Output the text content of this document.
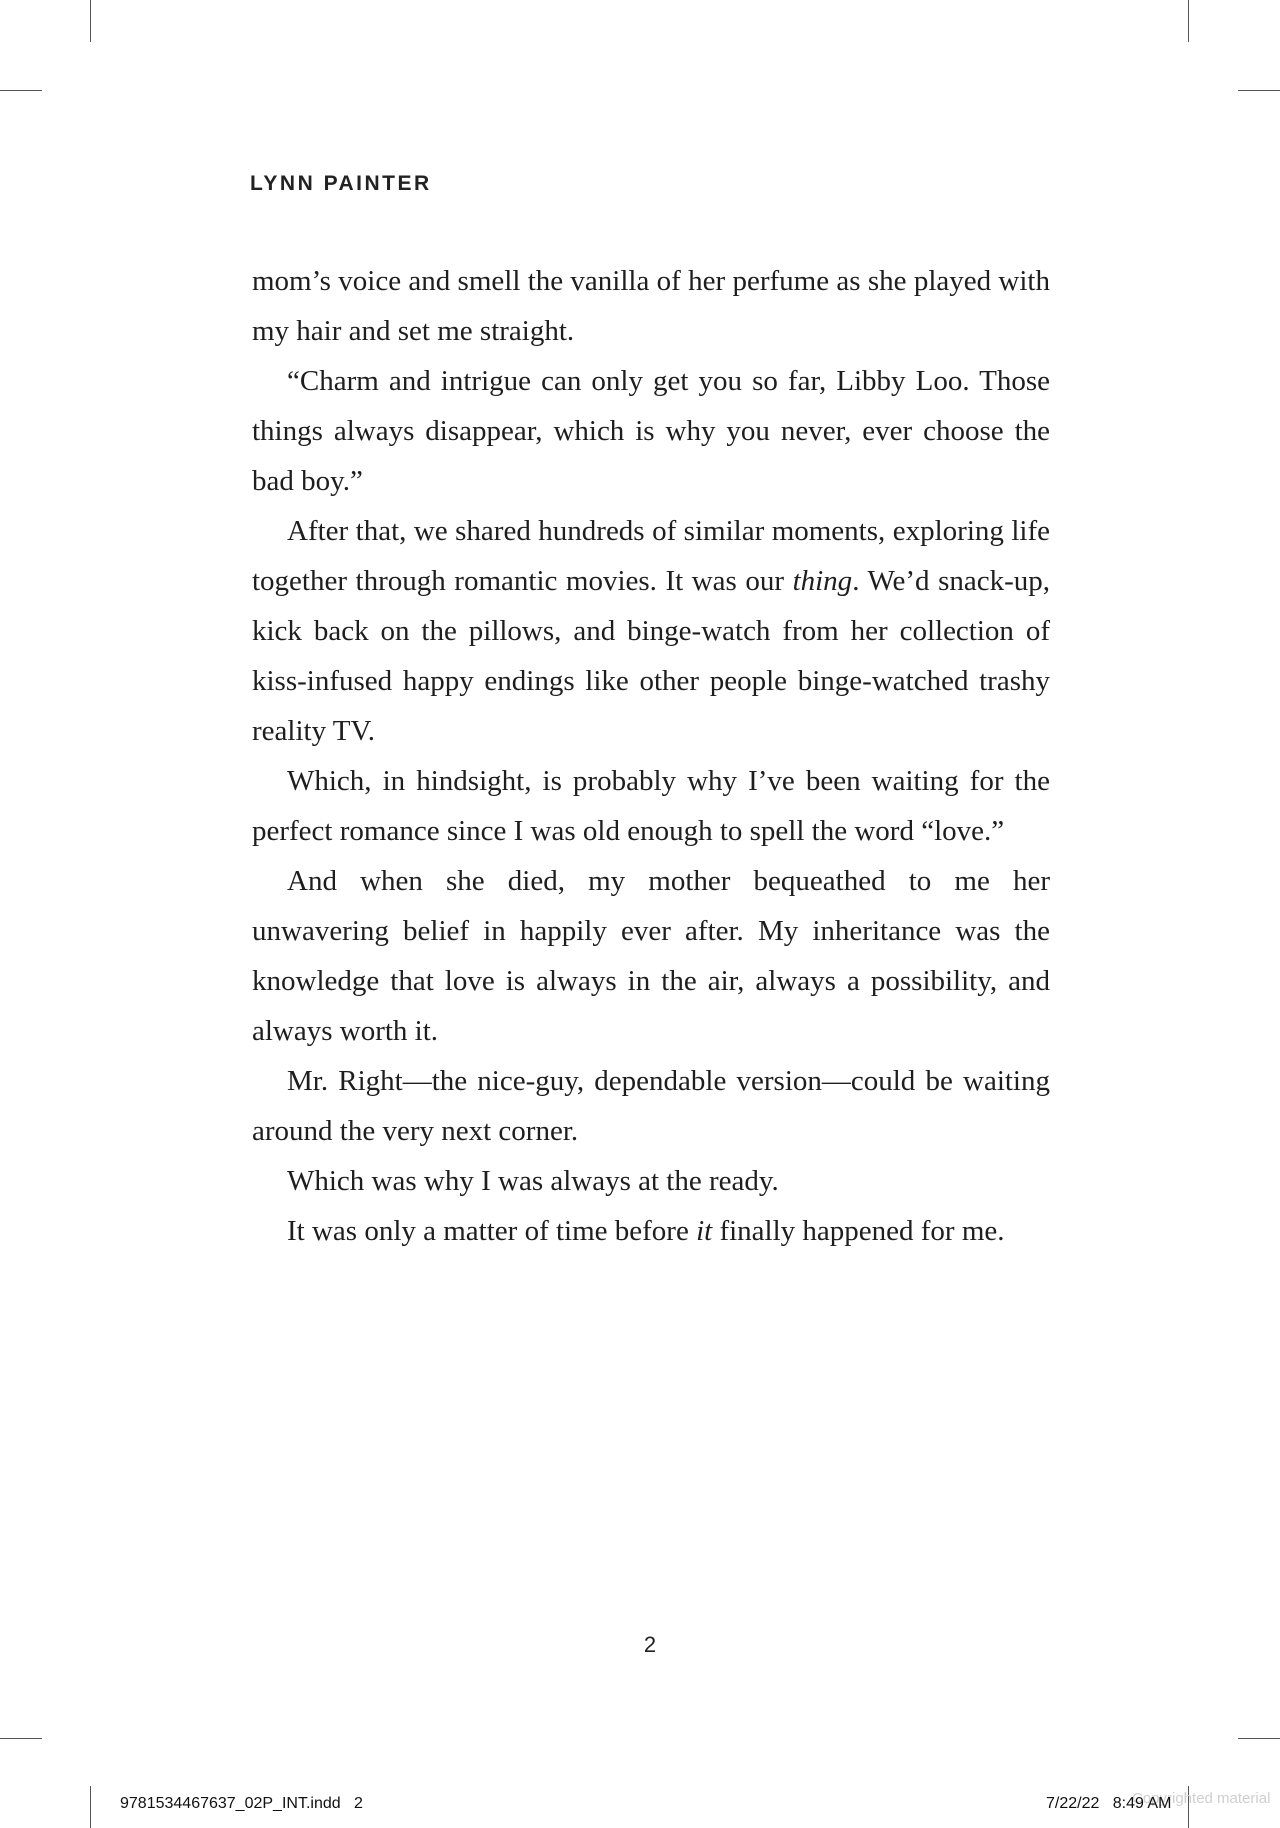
LYNN PAINTER

mom’s voice and smell the vanilla of her perfume as she played with my hair and set me straight.

“Charm and intrigue can only get you so far, Libby Loo. Those things always disappear, which is why you never, ever choose the bad boy.”

After that, we shared hundreds of similar moments, exploring life together through romantic movies. It was our thing. We’d snack-up, kick back on the pillows, and binge-watch from her collection of kiss-infused happy endings like other people binge-watched trashy reality TV.

Which, in hindsight, is probably why I’ve been waiting for the perfect romance since I was old enough to spell the word “love.”

And when she died, my mother bequeathed to me her unwavering belief in happily ever after. My inheritance was the knowledge that love is always in the air, always a possibility, and always worth it.

Mr. Right—the nice-guy, dependable version—could be waiting around the very next corner.

Which was why I was always at the ready.

It was only a matter of time before it finally happened for me.

2
9781534467637_02P_INT.indd   2	Copyrighted material
7/22/22   8:49 AM
